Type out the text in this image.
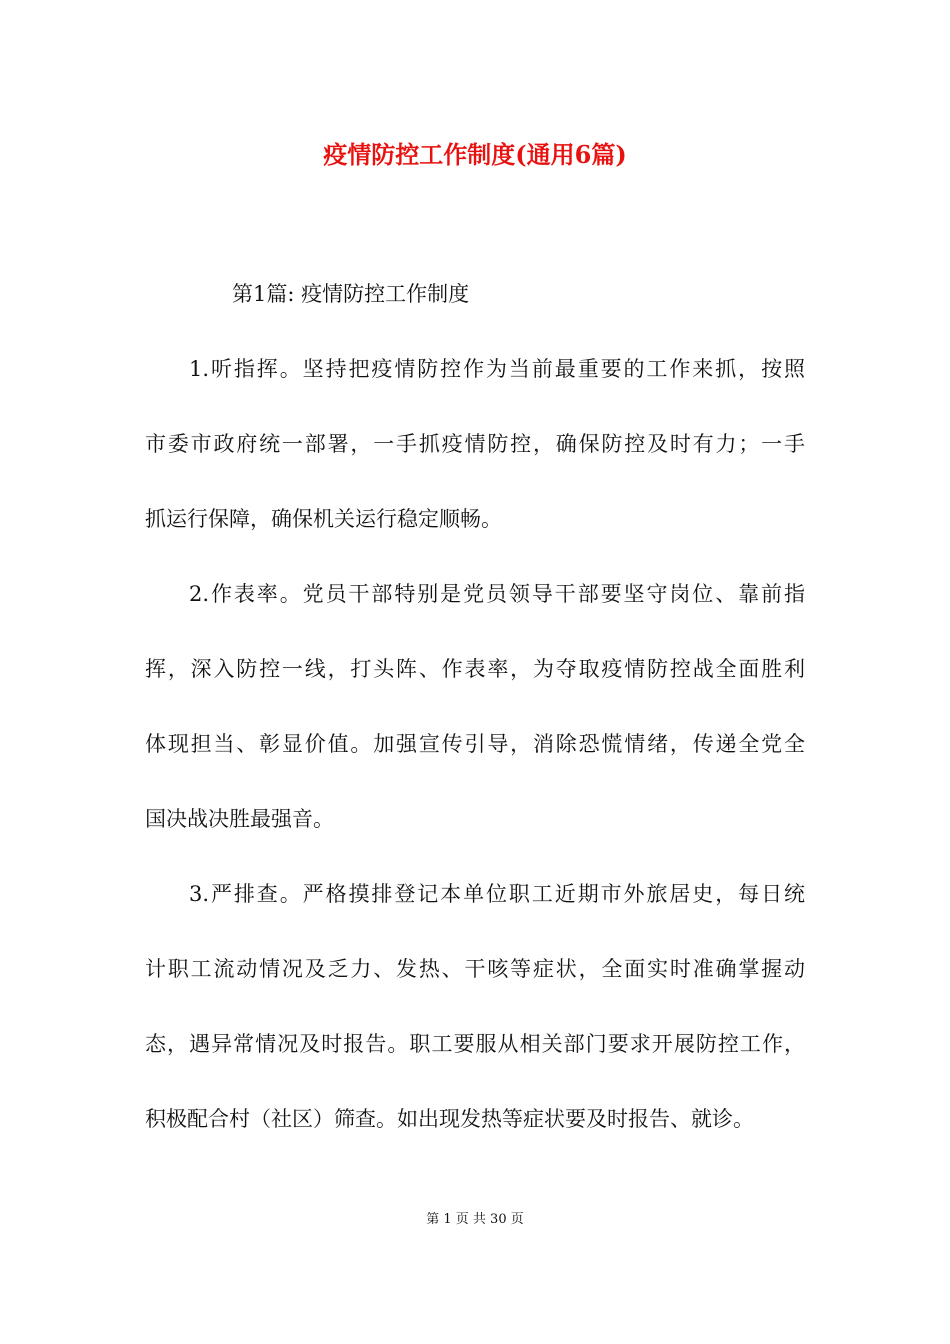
疫情防控工作制度(通用6篇)
第1篇: 疫情防控工作制度
1.听指挥。坚持把疫情防控作为当前最重要的工作来抓，按照
市委市政府统一部署，一手抓疫情防控，确保防控及时有力；一手
抓运行保障，确保机关运行稳定顺畅。
2.作表率。党员干部特别是党员领导干部要坚守岗位、靠前指
挥，深入防控一线，打头阵、作表率，为夺取疫情防控战全面胜利
体现担当、彰显价值。加强宣传引导，消除恐慌情绪，传递全党全
国决战决胜最强音。
3.严排查。严格摸排登记本单位职工近期市外旅居史，每日统
计职工流动情况及乏力、发热、干咳等症状，全面实时准确掌握动
态，遇异常情况及时报告。职工要服从相关部门要求开展防控工作，
积极配合村（社区）筛查。如出现发热等症状要及时报告、就诊。
第 1 页 共 30 页
